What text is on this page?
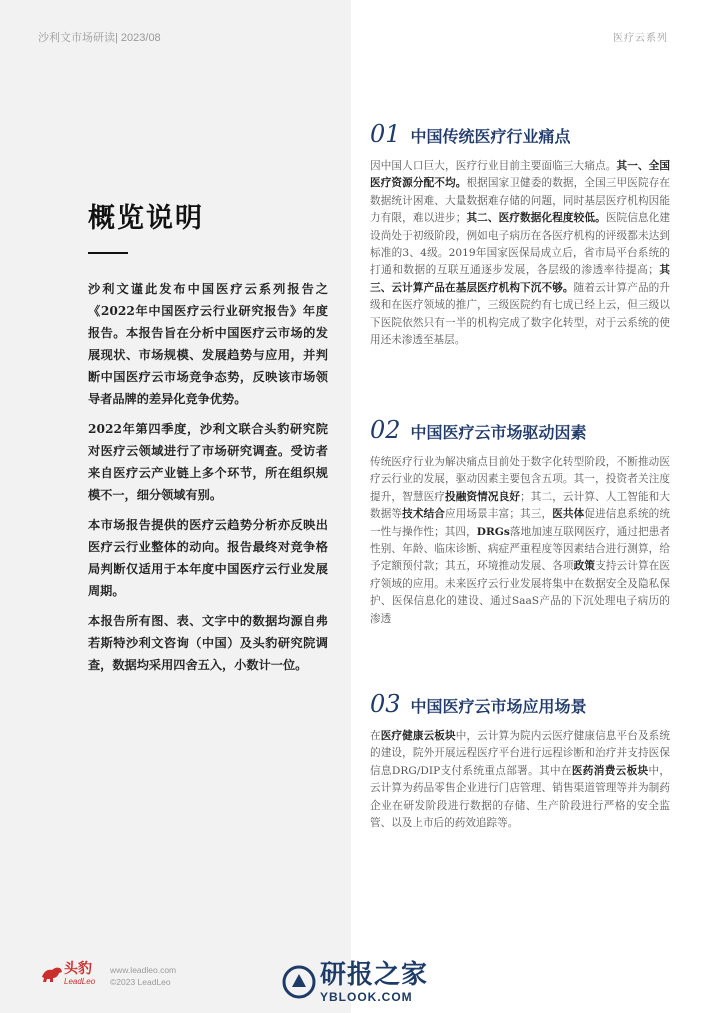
沙利文市场研读| 2023/08	医疗云系列
概览说明

沙利文谨此发布中国医疗云系列报告之《2022年中国医疗云行业研究报告》年度报告。本报告旨在分析中国医疗云市场的发展现状、市场规模、发展趋势与应用，并判断中国医疗云市场竞争态势，反映该市场领导者品牌的差异化竞争优势。

2022年第四季度，沙利文联合头豹研究院对医疗云领域进行了市场研究调查。受访者来自医疗云产业链上多个环节，所在组织规模不一，细分领域有别。

本市场报告提供的医疗云趋势分析亦反映出医疗云行业整体的动向。报告最终对竞争格局判断仅适用于本年度中国医疗云行业发展周期。

本报告所有图、表、文字中的数据均源自弗若斯特沙利文咨询（中国）及头豹研究院调查，数据均采用四舍五入，小数计一位。

01 中国传统医疗行业痛点
因中国人口巨大，医疗行业目前主要面临三大痛点。其一、全国医疗资源分配不均。根据国家卫健委的数据，全国三甲医院存在数据统计困难、大量数据难存储的问题，同时基层医疗机构因能力有限，难以进步；其二、医疗数据化程度较低。医院信息化建设尚处于初级阶段，例如电子病历在各医疗机构的评级都未达到标准的3、4级。2019年国家医保局成立后，省市局平台系统的打通和数据的互联互通逐步发展，各层级的渗透率待提高；其三、云计算产品在基层医疗机构下沉不够。随着云计算产品的升级和在医疗领域的推广，三级医院约有七成已经上云，但三级以下医院依然只有一半的机构完成了数字化转型，对于云系统的使用还未渗透至基层。
02 中国医疗云市场驱动因素
传统医疗行业为解决痛点目前处于数字化转型阶段，不断推动医疗云行业的发展，驱动因素主要包含五项。其一，投资者关注度提升，智慧医疗投融资情况良好；其二，云计算、人工智能和大数据等技术结合应用场景丰富；其三，医共体促进信息系统的统一性与操作性；其四，DRGs落地加速互联网医疗，通过把患者性别、年龄、临床诊断、病症严重程度等因素结合进行测算，给予定额预付款；其五，环境推动发展、各项政策支持云计算在医疗领域的应用。未来医疗云行业发展将集中在数据安全及隐私保护、医保信息化的建设、通过SaaS产品的下沉处理电子病历的渗透
03 中国医疗云市场应用场景
在医疗健康云板块中，云计算为院内云医疗健康信息平台及系统的建设，院外开展远程医疗平台进行远程诊断和治疗并支持医保信息DRG/DIP支付系统重点部署。其中在医药消费云板块中，云计算为药品零售企业进行门店管理、销售渠道管理等并为制药企业在研发阶段进行数据的存储、生产阶段进行严格的安全监管、以及上市后的药效追踪等。
头豹
LeadLeo
www.leadleo.com
©2023 LeadLeo	研报之家
YBLOOK.COM
